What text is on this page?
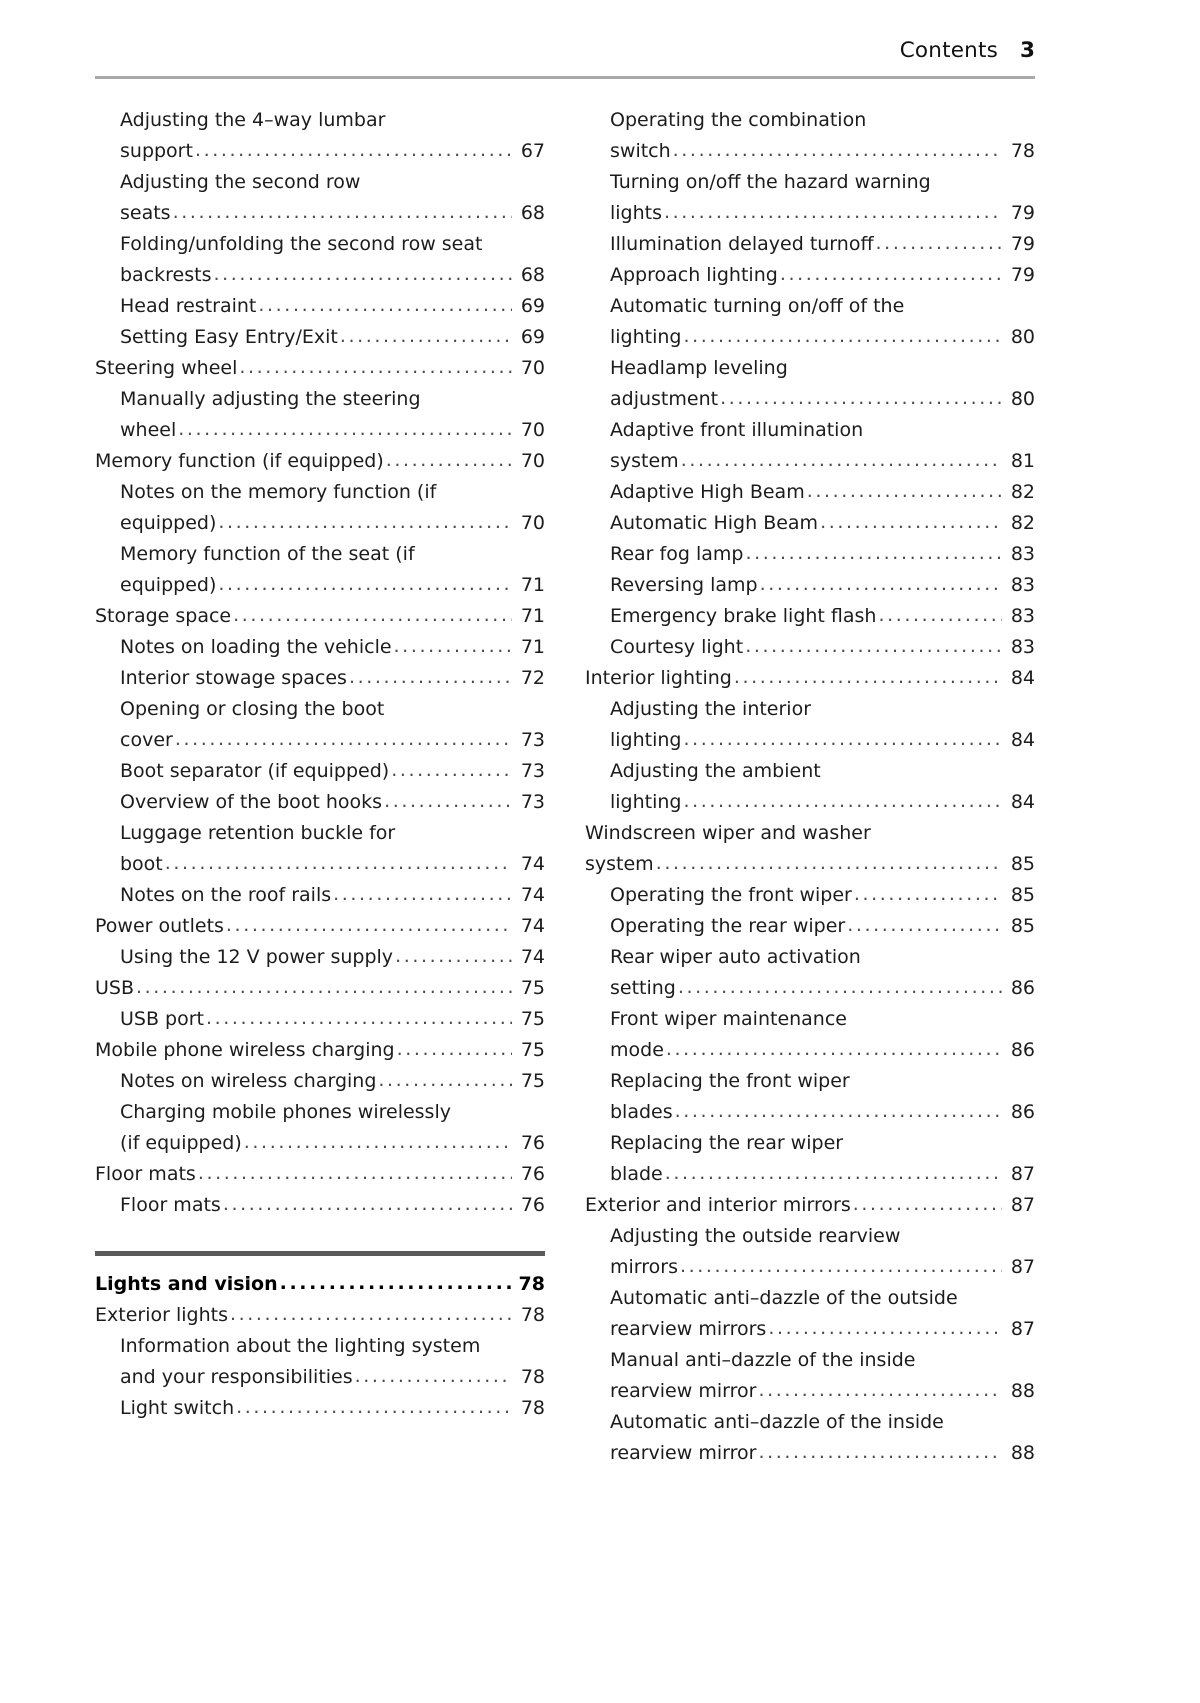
Contents 3
Adjusting the 4–way lumbar
support .....	67
Adjusting the second row
seats .....	68
Folding/unfolding the second row seat
backrests .....	68
Head restraint .....	69
Setting Easy Entry/Exit .....	69
Steering wheel .....	70
Manually adjusting the steering
wheel .....	70
Memory function (if equipped) .....	70
Notes on the memory function (if
equipped) .....	70
Memory function of the seat (if
equipped) .....	71
Storage space .....	71
Notes on loading the vehicle .....	71
Interior stowage spaces .....	72
Opening or closing the boot
cover .....	73
Boot separator (if equipped) .....	73
Overview of the boot hooks .....	73
Luggage retention buckle for
boot .....	74
Notes on the roof rails .....	74
Power outlets .....	74
Using the 12 V power supply .....	74
USB .....	75
USB port .....	75
Mobile phone wireless charging .....	75
Notes on wireless charging .....	75
Charging mobile phones wirelessly
(if equipped) .....	76
Floor mats .....	76
Floor mats .....	76
Lights and vision .....	78
Exterior lights .....	78
Information about the lighting system
and your responsibilities .....	78
Light switch .....	78
Operating the combination
switch .....	78
Turning on/off the hazard warning
lights .....	79
Illumination delayed turnoff .....	79
Approach lighting .....	79
Automatic turning on/off of the
lighting .....	80
Headlamp leveling
adjustment .....	80
Adaptive front illumination
system .....	81
Adaptive High Beam .....	82
Automatic High Beam .....	82
Rear fog lamp .....	83
Reversing lamp .....	83
Emergency brake light flash .....	83
Courtesy light .....	83
Interior lighting .....	84
Adjusting the interior
lighting .....	84
Adjusting the ambient
lighting .....	84
Windscreen wiper and washer
system .....	85
Operating the front wiper .....	85
Operating the rear wiper .....	85
Rear wiper auto activation
setting .....	86
Front wiper maintenance
mode .....	86
Replacing the front wiper
blades .....	86
Replacing the rear wiper
blade .....	87
Exterior and interior mirrors .....	87
Adjusting the outside rearview
mirrors .....	87
Automatic anti–dazzle of the outside
rearview mirrors .....	87
Manual anti–dazzle of the inside
rearview mirror .....	88
Automatic anti–dazzle of the inside
rearview mirror .....	88
